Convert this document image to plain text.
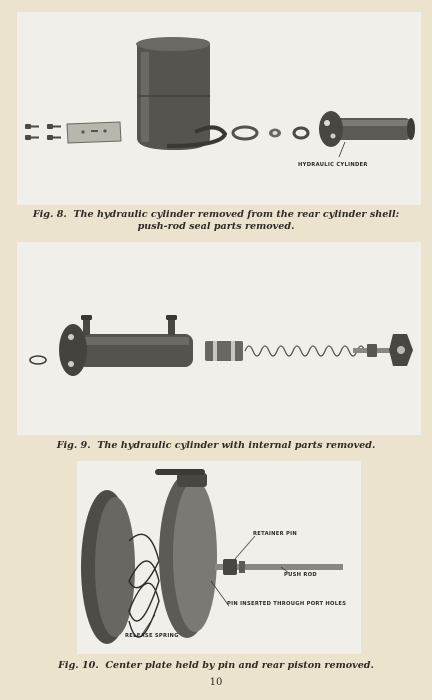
HYDRAULIC CYLINDER
Fig. 8. The hydraulic cylinder removed from the rear cylinder shell:
push-rod seal parts removed.
Fig. 9. The hydraulic cylinder with internal parts removed.
RETAINER PIN
PUSH ROD
PIN INSERTED THROUGH PORT HOLES
RELEASE SPRING
Fig. 10. Center plate held by pin and rear piston removed.
10
